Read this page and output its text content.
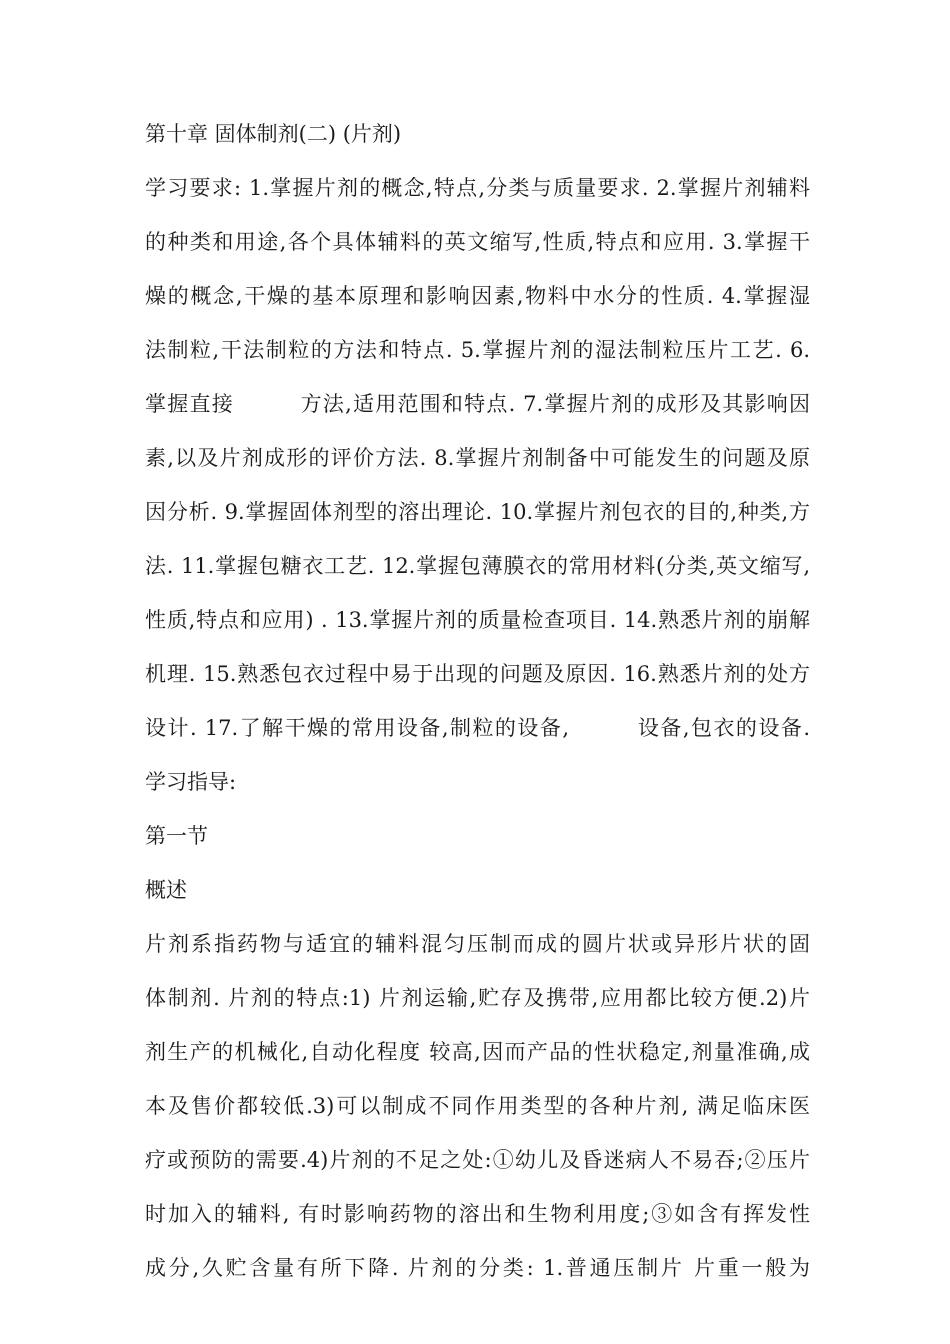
第十章 固体制剂(二) (片剂)
学习要求: 1.掌握片剂的概念,特点,分类与质量要求. 2.掌握片剂辅料
的种类和用途,各个具体辅料的英文缩写,性质,特点和应用. 3.掌握干
燥的概念,干燥的基本原理和影响因素,物料中水分的性质. 4.掌握湿
法制粒,干法制粒的方法和特点. 5.掌握片剂的湿法制粒压片工艺. 6.
掌握直接　　　方法,适用范围和特点. 7.掌握片剂的成形及其影响因
素,以及片剂成形的评价方法. 8.掌握片剂制备中可能发生的问题及原
因分析. 9.掌握固体剂型的溶出理论. 10.掌握片剂包衣的目的,种类,方
法. 11.掌握包糖衣工艺. 12.掌握包薄膜衣的常用材料(分类,英文缩写,
性质,特点和应用) . 13.掌握片剂的质量检查项目. 14.熟悉片剂的崩解
机理. 15.熟悉包衣过程中易于出现的问题及原因. 16.熟悉片剂的处方
设计. 17.了解干燥的常用设备,制粒的设备,　　　设备,包衣的设备.
学习指导:
第一节
概述
片剂系指药物与适宜的辅料混匀压制而成的圆片状或异形片状的固
体制剂. 片剂的特点:1) 片剂运输,贮存及携带,应用都比较方便.2)片
剂生产的机械化,自动化程度 较高,因而产品的性状稳定,剂量准确,成
本及售价都较低.3)可以制成不同作用类型的各种片剂, 满足临床医
疗或预防的需要.4)片剂的不足之处:①幼儿及昏迷病人不易吞;②压片
时加入的辅料, 有时影响药物的溶出和生物利用度;③如含有挥发性
成分,久贮含量有所下降. 片剂的分类: 1.普通压制片 片重一般为
